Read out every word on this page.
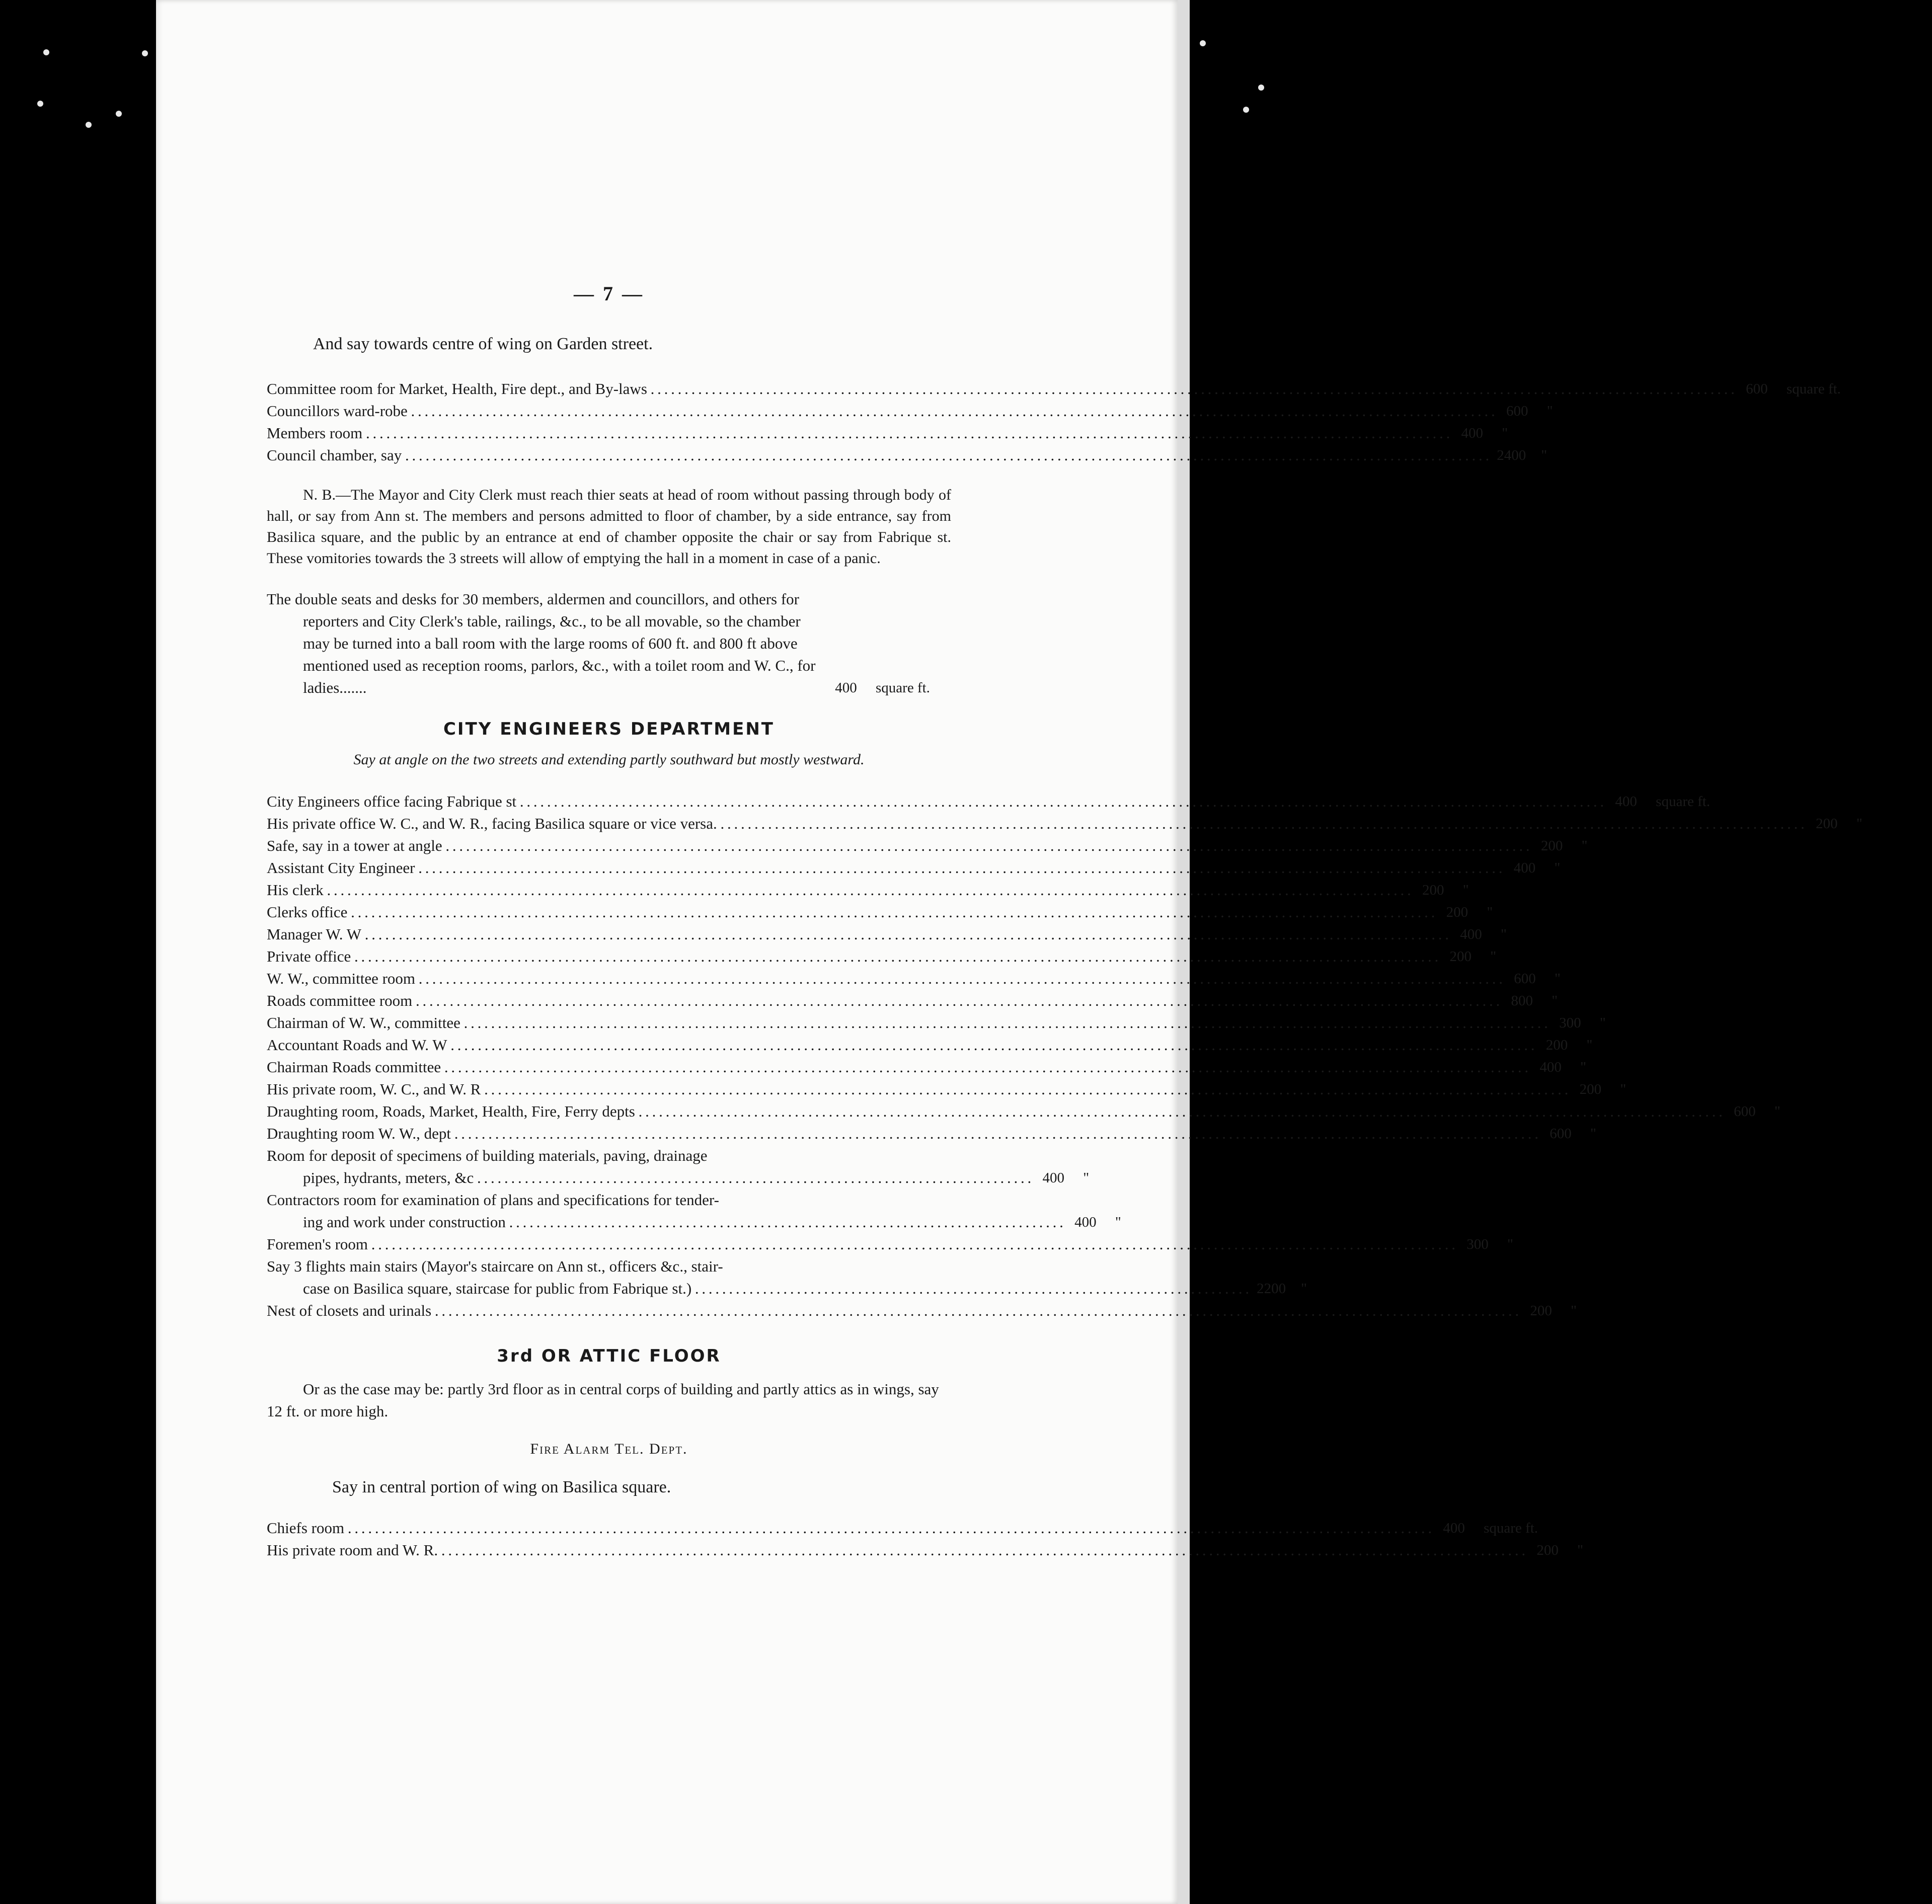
— 7 —
And say towards centre of wing on Garden street.
Committee room for Market, Health, Fire dept., and By-laws . . .	600	square ft.
Councillors ward-robe . . .	600	"
Members room . . .	400	"
Council chamber, say . . .	2400	"
N. B.—The Mayor and City Clerk must reach thier seats at head of room without passing through body of hall, or say from Ann st. The members and persons admitted to floor of chamber, by a side entrance, say from Basilica square, and the public by an entrance at end of chamber opposite the chair or say from Fabrique st. These vomitories towards the 3 streets will allow of emptying the hall in a moment in case of a panic.
The double seats and desks for 30 members, aldermen and councillors, and others for reporters and City Clerk's table, railings, &c., to be all movable, so the chamber may be turned into a ball room with the large rooms of 600 ft. and 800 ft above mentioned used as reception rooms, parlors, &c., with a toilet room and W. C., for ladies.......	400	square ft.
CITY ENGINEERS DEPARTMENT
Say at angle on the two streets and extending partly southward but mostly westward.
City Engineers office facing Fabrique st . . .	400	square ft.
His private office W. C., and W. R., facing Basilica square or vice versa. . . .	200	"
Safe, say in a tower at angle . . .	200	"
Assistant City Engineer . . .	400	"
His clerk . . .	200	"
Clerks office . . .	200	"
Manager W. W . . .	400	"
Private office . . .	200	"
W. W., committee room . . .	600	"
Roads committee room . . .	800	"
Chairman of W. W., committee . . .	300	"
Accountant Roads and W. W . . .	200	"
Chairman Roads committee . . .	400	"
His private room, W. C., and W. R . . .	200	"
Draughting room, Roads, Market, Health, Fire, Ferry depts . . .	600	"
Draughting room W. W., dept . . .	600	"
Room for deposit of specimens of building materials, paving, drainage
pipes, hydrants, meters, &c . . .	400	"
Contractors room for examination of plans and specifications for tender-
ing and work under construction . . .	400	"
Foremen's room . . .	300	"
Say 3 flights main stairs (Mayor's staircare on Ann st., officers &c., stair-
case on Basilica square, staircase for public from Fabrique st.) . . .	2200	"
Nest of closets and urinals . . .	200	"
3rd OR ATTIC FLOOR
Or as the case may be: partly 3rd floor as in central corps of building and partly attics as in wings, say 12 ft. or more high.
Fire Alarm Tel. Dept.
Say in central portion of wing on Basilica square.
Chiefs room . . .	400	square ft.
His private room and W. R. . . .	200	"
